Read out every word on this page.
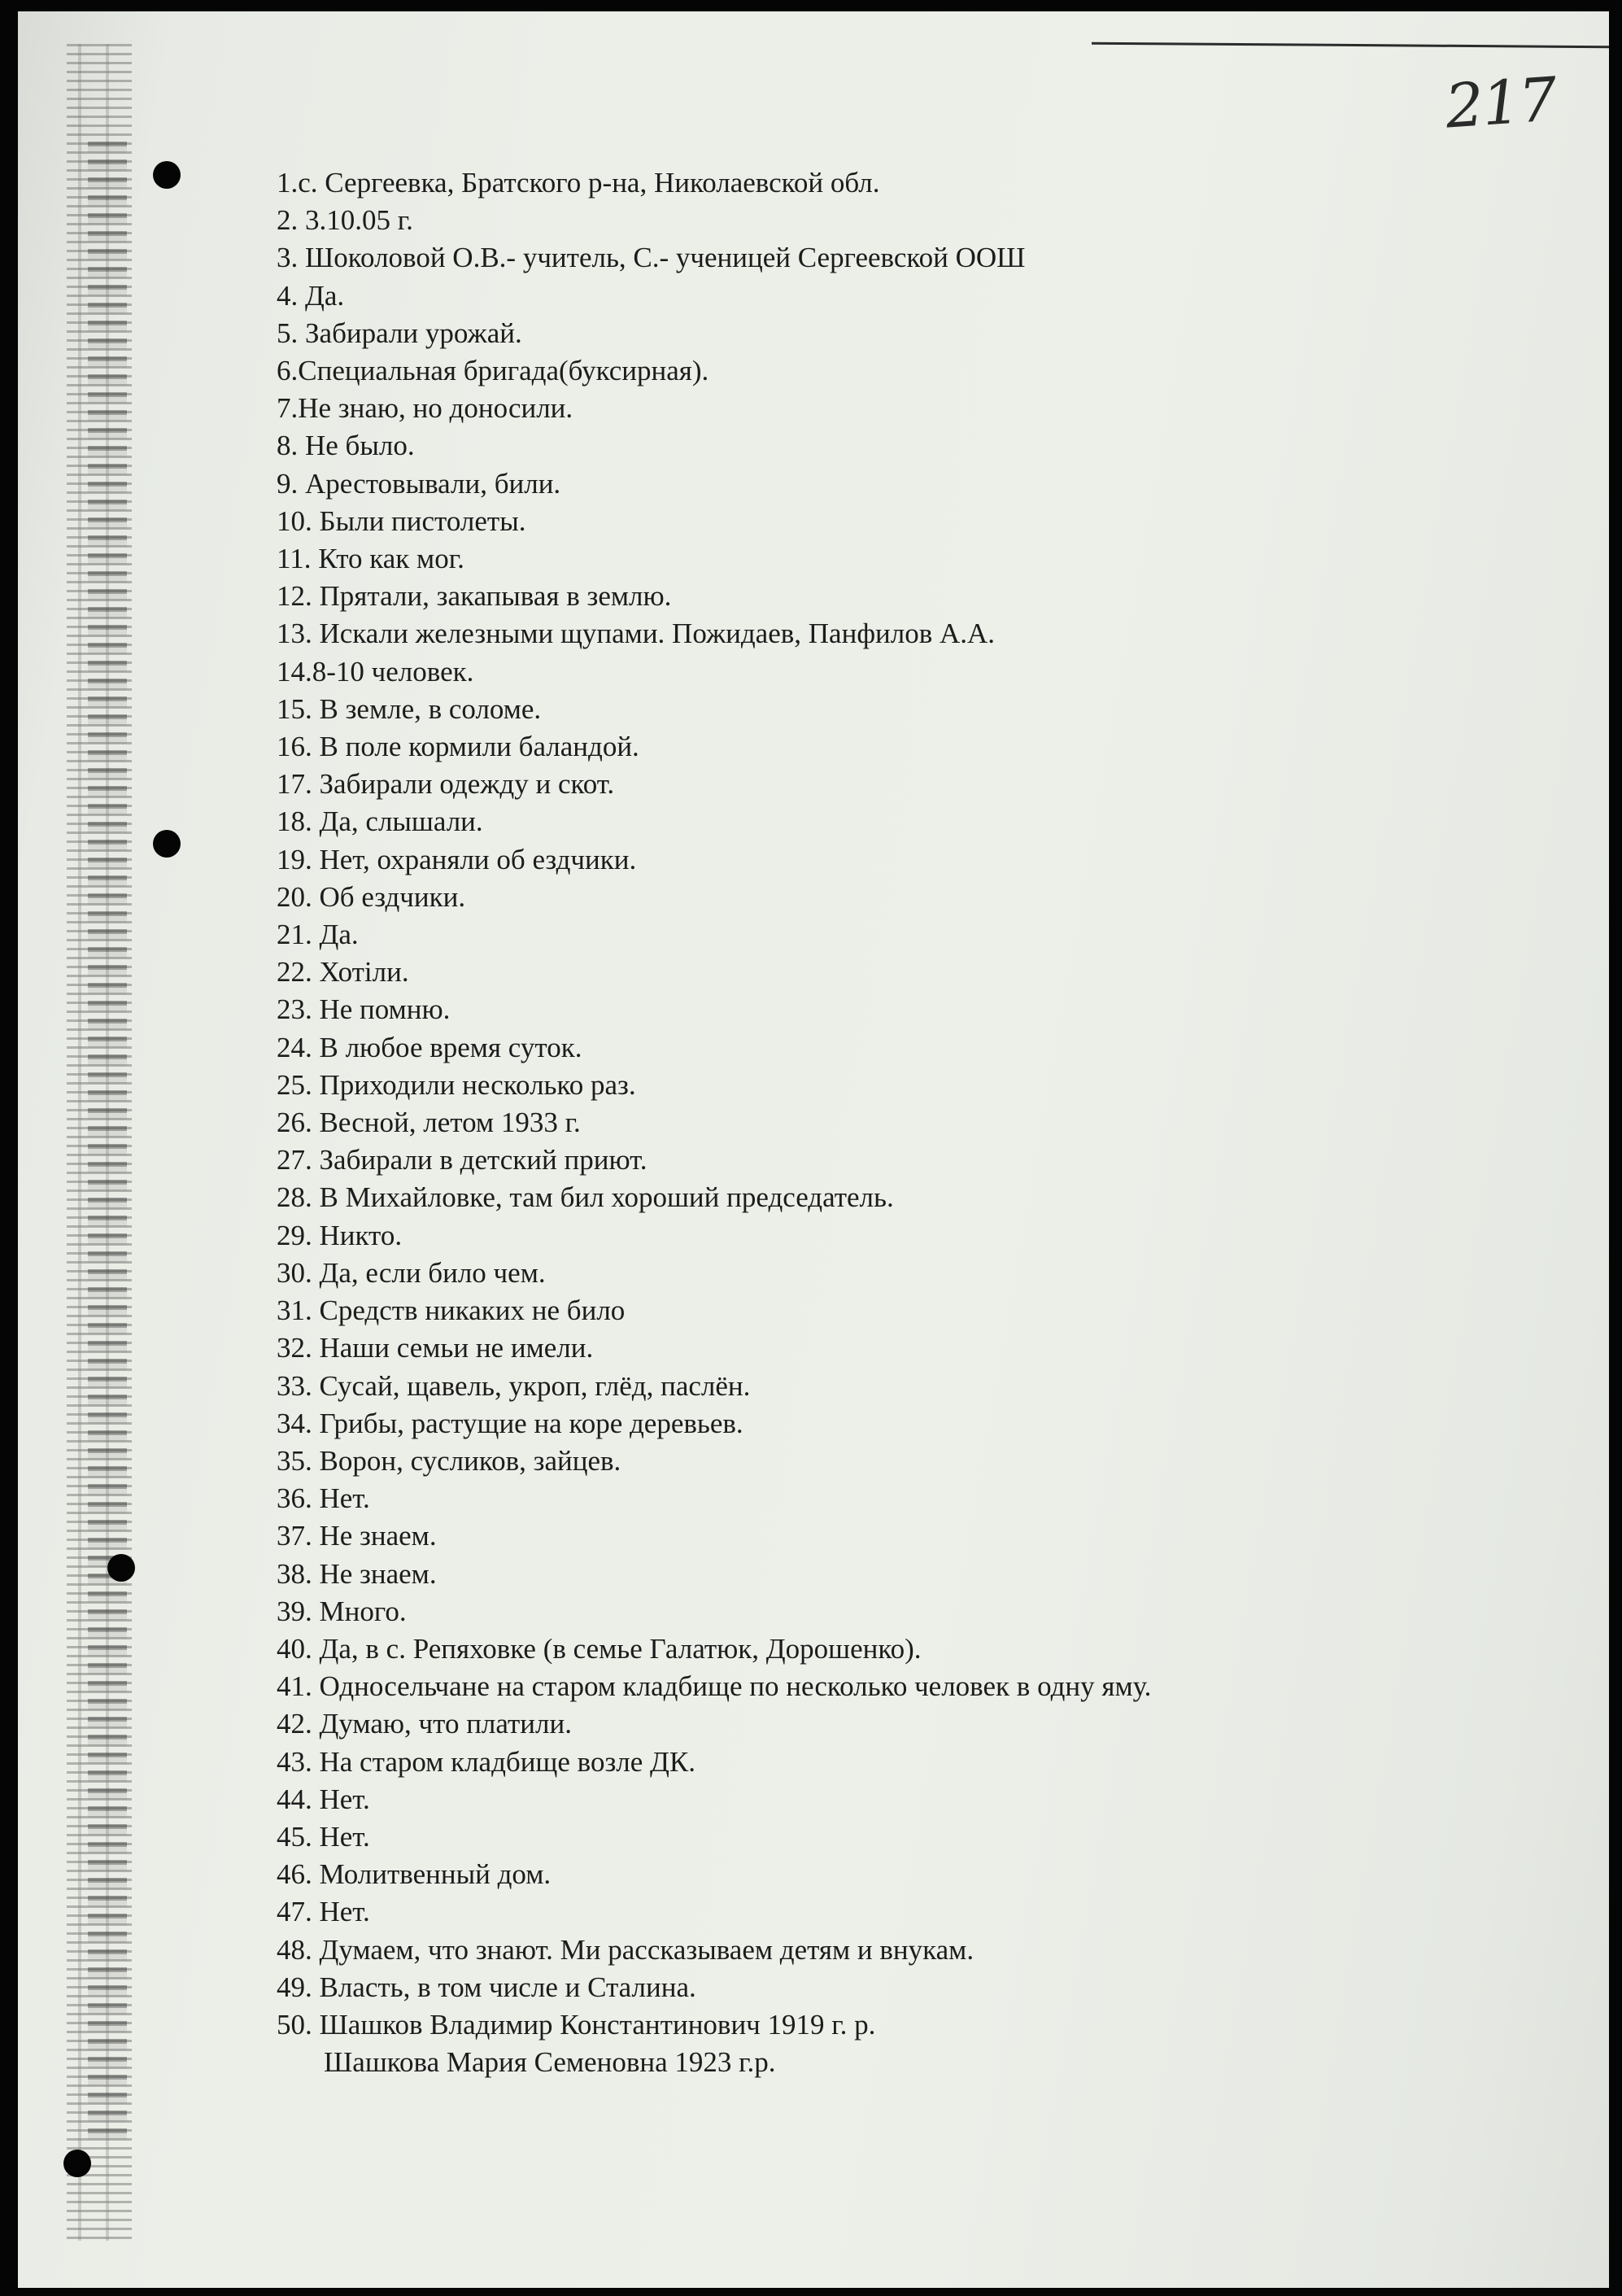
217
1.с. Сергеевка, Братского р-на, Николаевской обл.
2. 3.10.05 г.
3. Шоколовой О.В.- учитель, С.- ученицей Сергеевской ООШ
4. Да.
5. Забирали урожай.
6.Специальная бригада(буксирная).
7.Не знаю, но доносили.
8. Не было.
9. Арестовывали, били.
10. Были пистолеты.
11. Кто как мог.
12. Прятали, закапывая в землю.
13. Искали железными щупами. Пожидаев, Панфилов А.А.
14.8-10 человек.
15. В земле, в соломе.
16. В поле кормили баландой.
17. Забирали одежду и скот.
18. Да, слышали.
19. Нет, охраняли об ездчики.
20. Об ездчики.
21. Да.
22. Хотіли.
23. Не помню.
24. В любое время суток.
25. Приходили несколько раз.
26. Весной, летом 1933 г.
27. Забирали в детский приют.
28. В Михайловке, там бил хороший председатель.
29. Никто.
30. Да, если било чем.
31. Средств никаких не било
32. Наши семьи не имели.
33. Сусай, щавель, укроп, глёд, паслён.
34. Грибы, растущие на коре деревьев.
35. Ворон, сусликов, зайцев.
36. Нет.
37. Не знаем.
38. Не знаем.
39. Много.
40. Да, в с. Репяховке (в семье Галатюк, Дорошенко).
41. Односельчане на старом кладбище по несколько человек в одну яму.
42. Думаю, что платили.
43. На старом кладбище возле ДК.
44. Нет.
45. Нет.
46. Молитвенный дом.
47. Нет.
48. Думаем, что знают. Ми рассказываем детям и внукам.
49. Власть, в том числе и Сталина.
50. Шашков Владимир Константинович 1919 г. р.
Шашкова Мария Семеновна 1923 г.р.
